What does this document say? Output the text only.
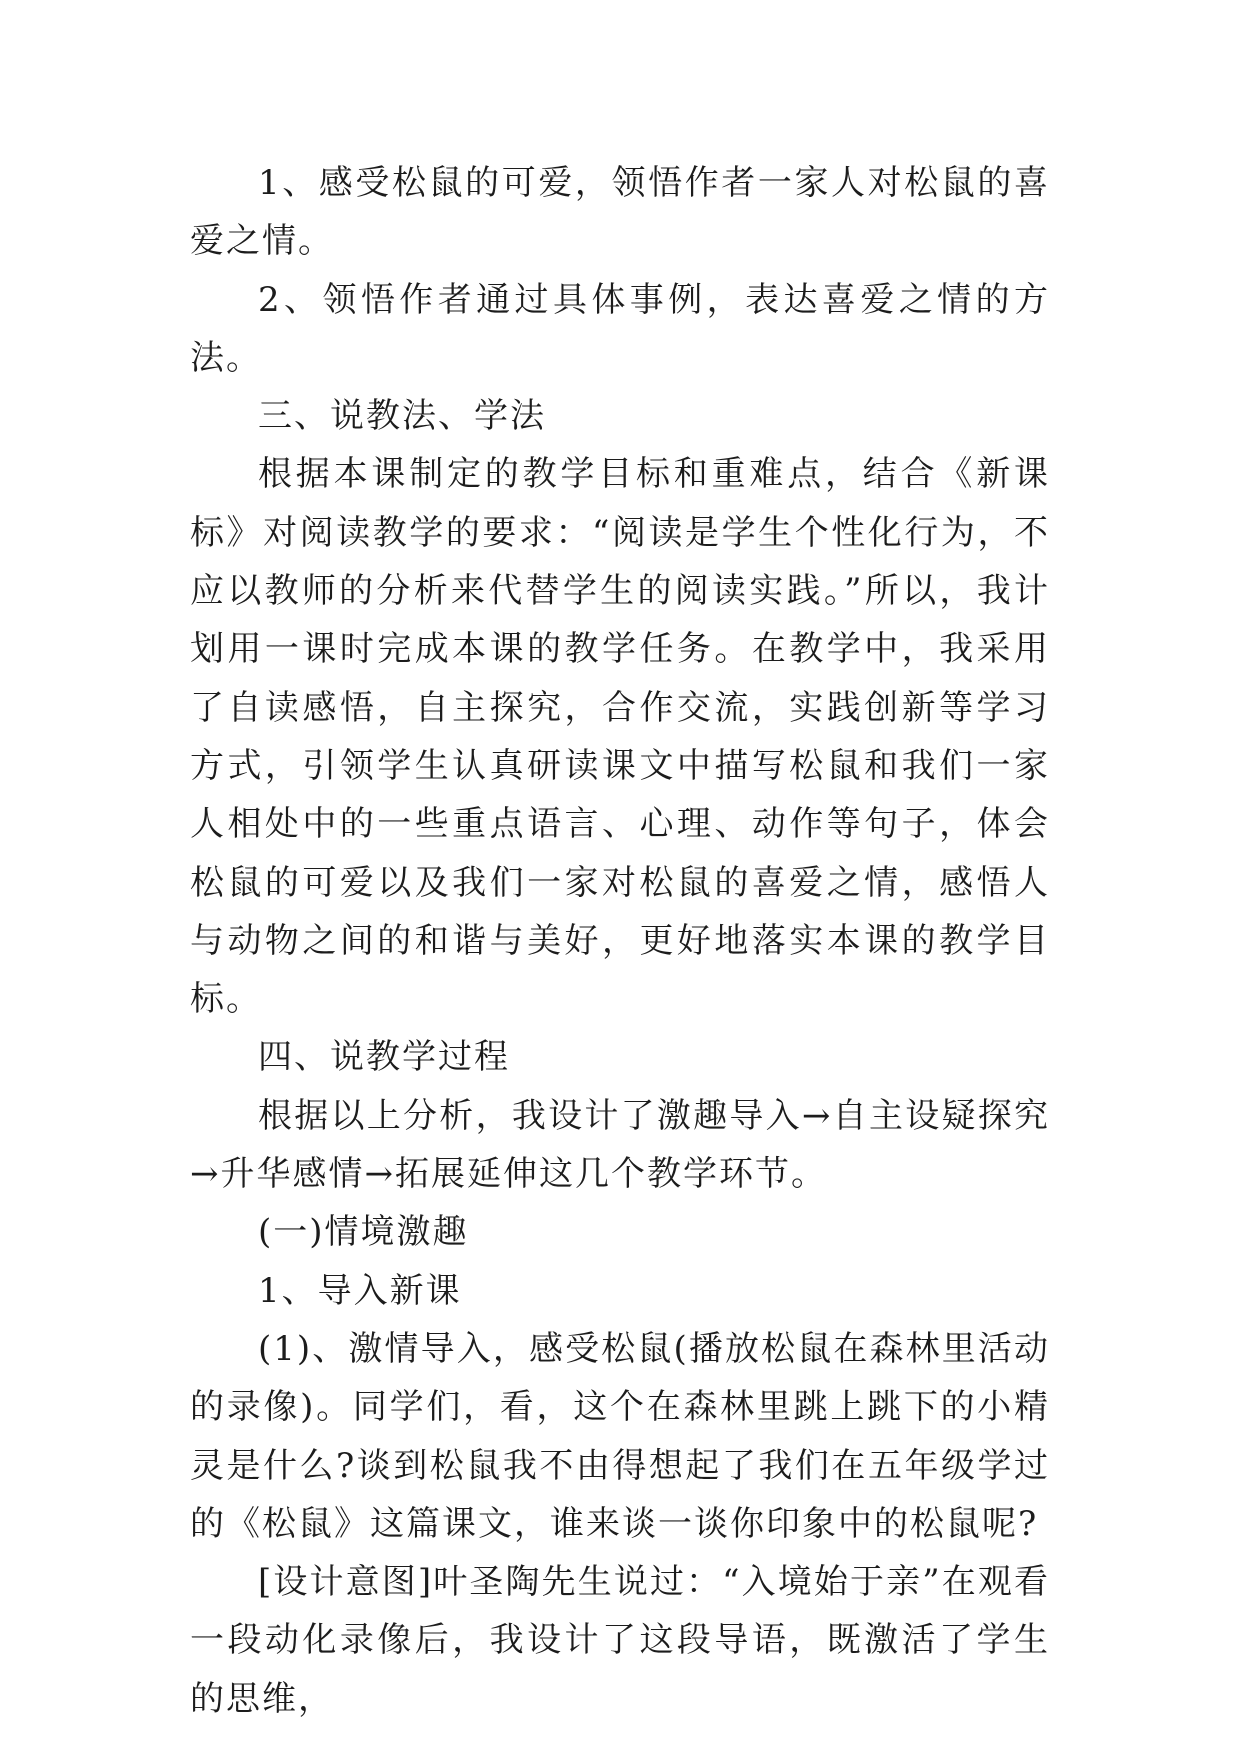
1、感受松鼠的可爱，领悟作者一家人对松鼠的喜爱之情。

2、领悟作者通过具体事例，表达喜爱之情的方法。

三、说教法、学法

根据本课制定的教学目标和重难点，结合《新课标》对阅读教学的要求：“阅读是学生个性化行为，不应以教师的分析来代替学生的阅读实践。”所以，我计划用一课时完成本课的教学任务。在教学中，我采用了自读感悟，自主探究，合作交流，实践创新等学习方式，引领学生认真研读课文中描写松鼠和我们一家人相处中的一些重点语言、心理、动作等句子，体会松鼠的可爱以及我们一家对松鼠的喜爱之情，感悟人与动物之间的和谐与美好，更好地落实本课的教学目标。

四、说教学过程

根据以上分析，我设计了激趣导入→自主设疑探究→升华感情→拓展延伸这几个教学环节。

(一)情境激趣

1、导入新课

(1)、激情导入，感受松鼠(播放松鼠在森林里活动的录像)。同学们，看，这个在森林里跳上跳下的小精灵是什么?谈到松鼠我不由得想起了我们在五年级学过的《松鼠》这篇课文，谁来谈一谈你印象中的松鼠呢?

[设计意图]叶圣陶先生说过：“入境始于亲”在观看一段动化录像后，我设计了这段导语，既激活了学生的思维，
